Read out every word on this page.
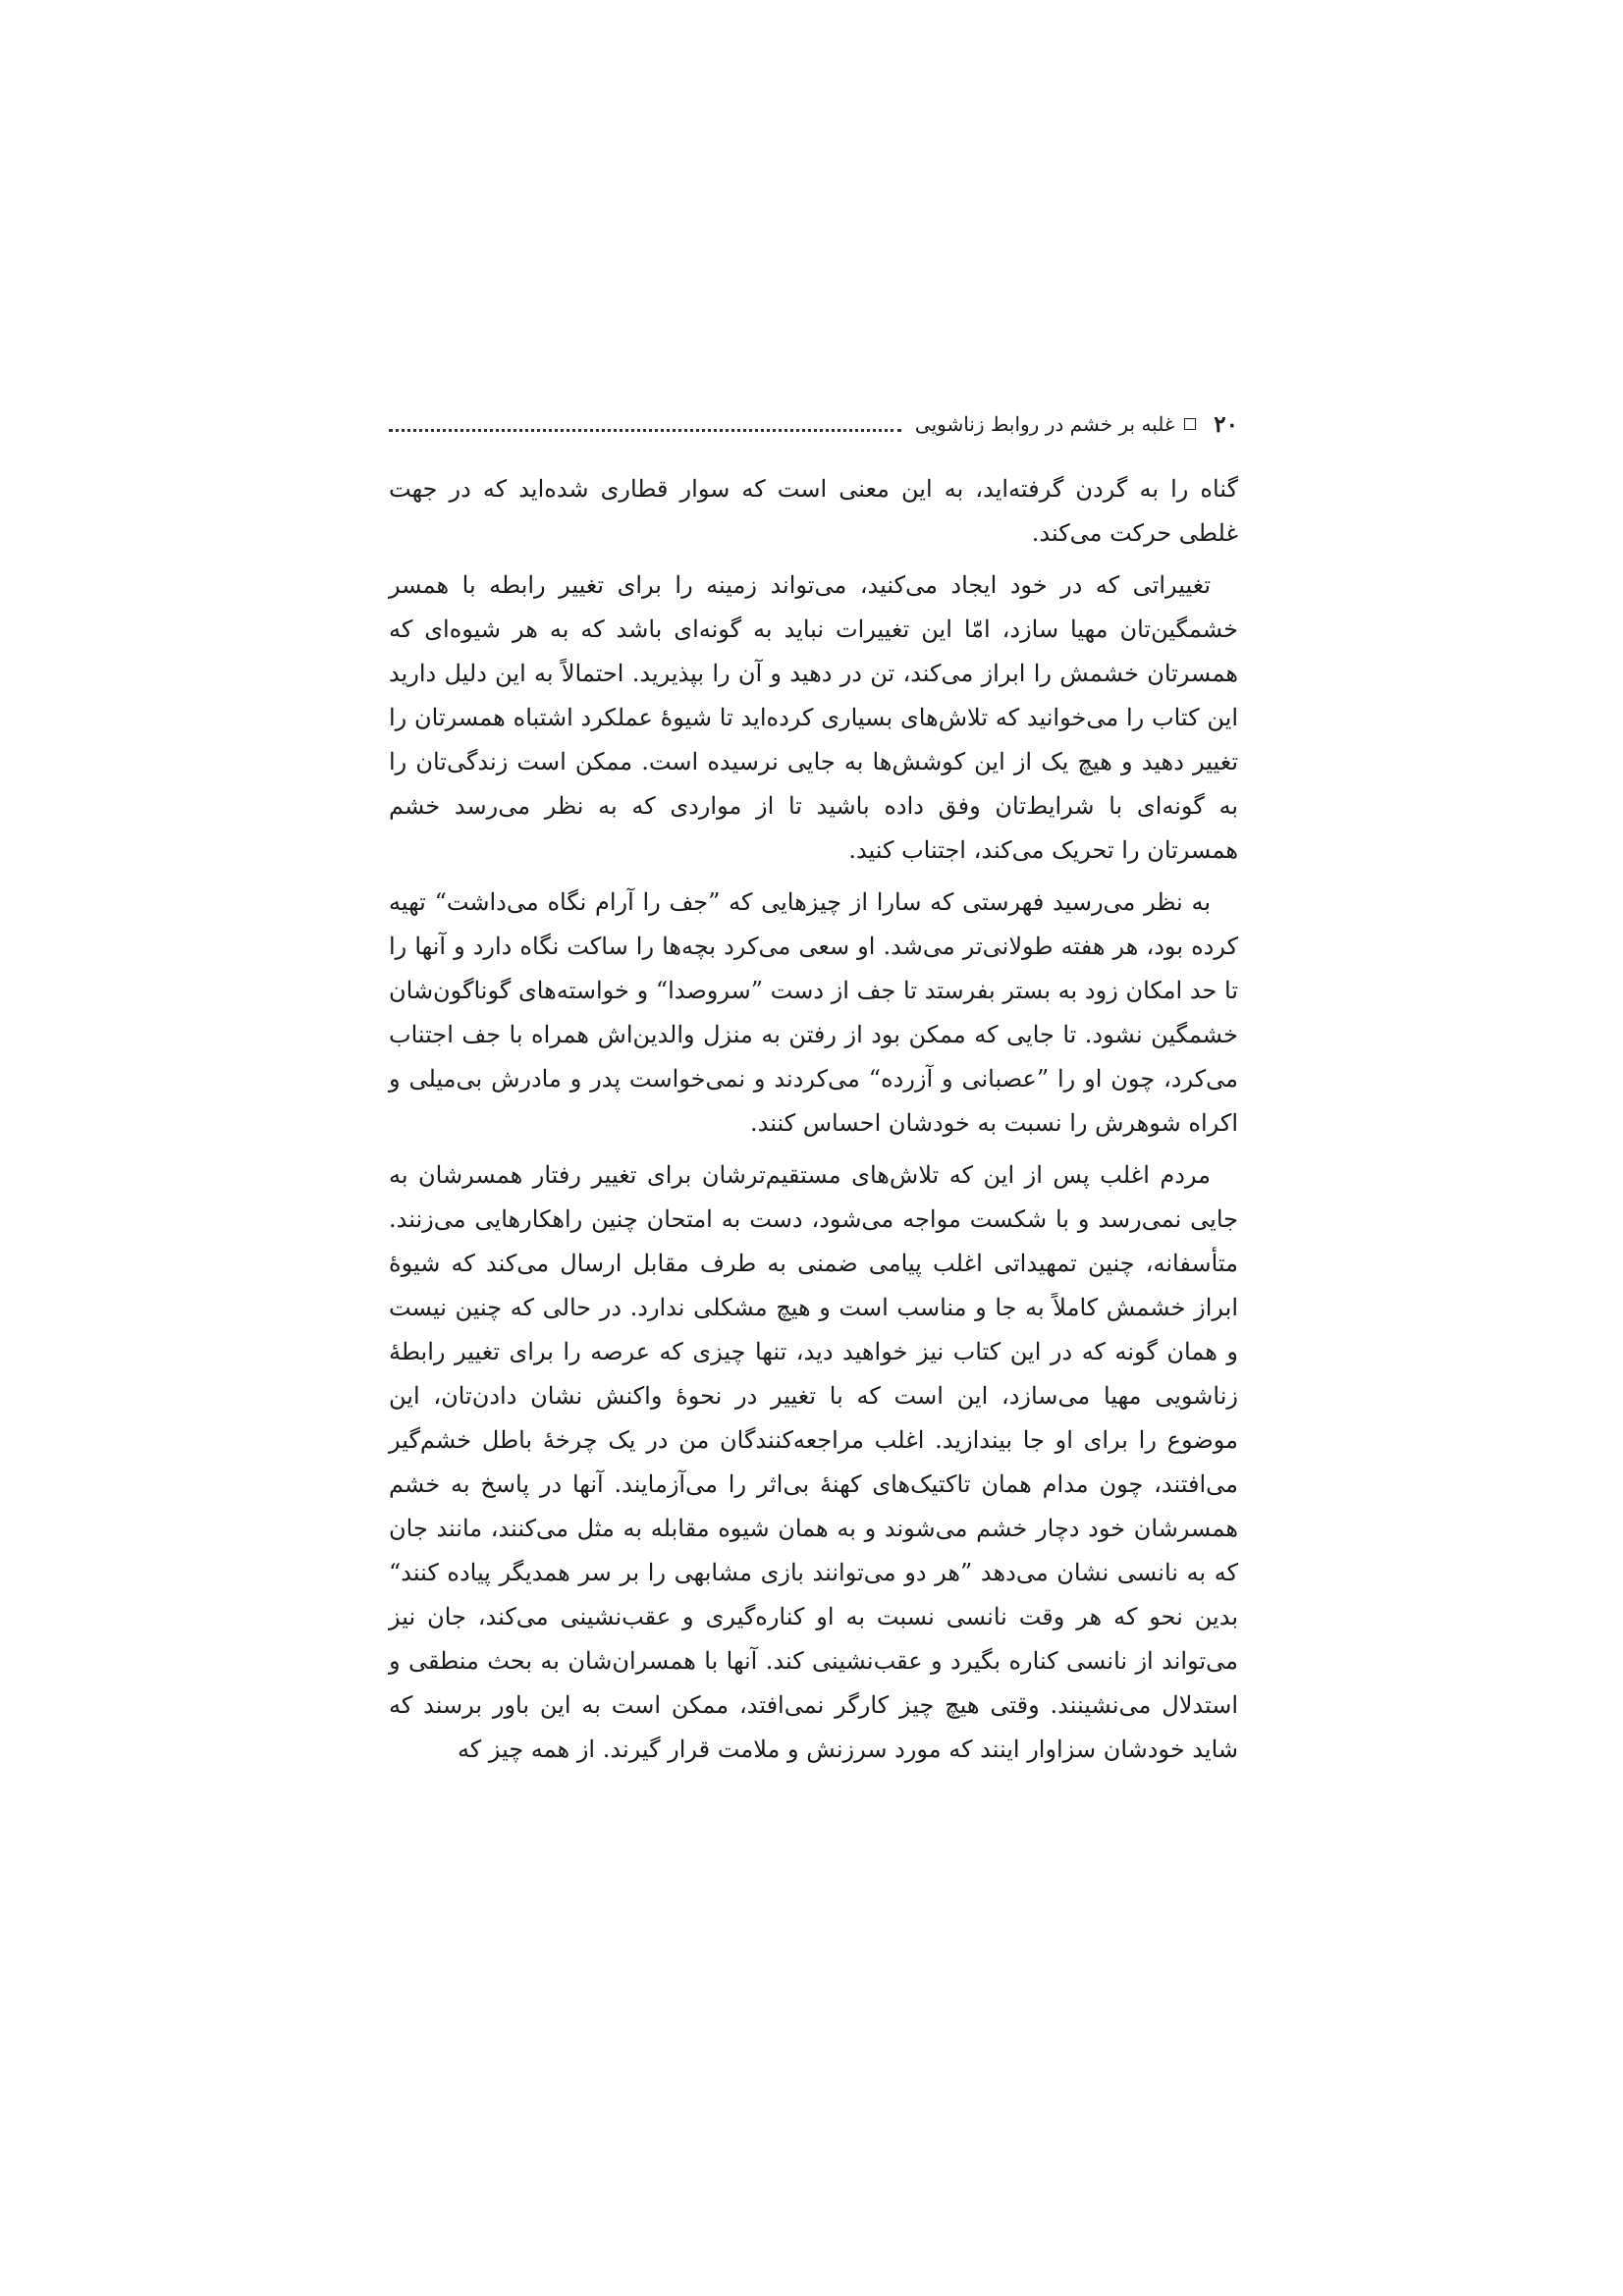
۲۰
غلبه بر خشم در روابط زناشویی

گناه را به گردن گرفته‌اید، به این معنی است که سوار قطاری شده‌اید که در جهت غلطی حرکت می‌کند.

تغییراتی که در خود ایجاد می‌کنید، می‌تواند زمینه را برای تغییر رابطه با همسر خشمگین‌تان مهیا سازد، امّا این تغییرات نباید به گونه‌ای باشد که به هر شیوه‌ای که همسرتان خشمش را ابراز می‌کند، تن در دهید و آن را بپذیرید. احتمالاً به این دلیل دارید این کتاب را می‌خوانید که تلاش‌های بسیاری کرده‌اید تا شیوهٔ عملکرد اشتباه همسرتان را تغییر دهید و هیچ یک از این کوشش‌ها به جایی نرسیده است. ممکن است زندگی‌تان را به گونه‌ای با شرایط‌تان وفق داده باشید تا از مواردی که به نظر می‌رسد خشم همسرتان را تحریک می‌کند، اجتناب کنید.

به نظر می‌رسید فهرستی که سارا از چیزهایی که ”جف را آرام نگاه می‌داشت“ تهیه کرده بود، هر هفته طولانی‌تر می‌شد. او سعی می‌کرد بچه‌ها را ساکت نگاه دارد و آنها را تا حد امکان زود به بستر بفرستد تا جف از دست ”سروصدا“ و خواسته‌های گوناگون‌شان خشمگین نشود. تا جایی که ممکن بود از رفتن به منزل والدین‌اش همراه با جف اجتناب می‌کرد، چون او را ”عصبانی و آزرده“ می‌کردند و نمی‌خواست پدر و مادرش بی‌میلی و اکراه شوهرش را نسبت به خودشان احساس کنند.

مردم اغلب پس از این که تلاش‌های مستقیم‌ترشان برای تغییر رفتار همسرشان به جایی نمی‌رسد و با شکست مواجه می‌شود، دست به امتحان چنین راهکارهایی می‌زنند. متأسفانه، چنین تمهیداتی اغلب پیامی ضمنی به طرف مقابل ارسال می‌کند که شیوهٔ ابراز خشمش کاملاً به جا و مناسب است و هیچ مشکلی ندارد. در حالی که چنین نیست و همان گونه که در این کتاب نیز خواهید دید، تنها چیزی که عرصه را برای تغییر رابطهٔ زناشویی مهیا می‌سازد، این است که با تغییر در نحوهٔ واکنش نشان دادن‌تان، این موضوع را برای او جا بیندازید. اغلب مراجعه‌کنندگان من در یک چرخهٔ باطل خشم‌گیر می‌افتند، چون مدام همان تاکتیک‌های کهنهٔ بی‌اثر را می‌آزمایند. آنها در پاسخ به خشم همسرشان خود دچار خشم می‌شوند و به همان شیوه مقابله به مثل می‌کنند، مانند جان که به نانسی نشان می‌دهد ”هر دو می‌توانند بازی مشابهی را بر سر همدیگر پیاده کنند“ بدین نحو که هر وقت نانسی نسبت به او کناره‌گیری و عقب‌نشینی می‌کند، جان نیز می‌تواند از نانسی کناره بگیرد و عقب‌نشینی کند. آنها با همسران‌شان به بحث منطقی و استدلال می‌نشینند. وقتی هیچ چیز کارگر نمی‌افتد، ممکن است به این باور برسند که شاید خودشان سزاوار اینند که مورد سرزنش و ملامت قرار گیرند. از همه چیز که
